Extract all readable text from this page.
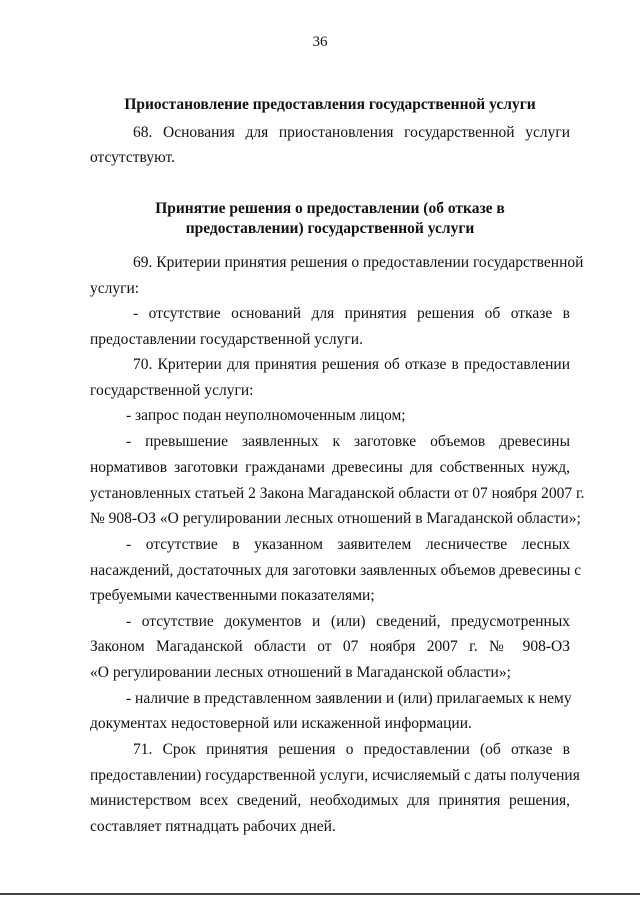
36
Приостановление предоставления государственной услуги
68. Основания для приостановления государственной услуги
отсутствуют.
Принятие решения о предоставлении (об отказе в
предоставлении) государственной услуги
69. Критерии принятия решения о предоставлении государственной
услуги:
- отсутствие оснований для принятия решения об отказе в
предоставлении государственной услуги.
70. Критерии для принятия решения об отказе в предоставлении
государственной услуги:
- запрос подан неуполномоченным лицом;
- превышение заявленных к заготовке объемов древесины
нормативов заготовки гражданами древесины для собственных нужд,
установленных статьей 2 Закона Магаданской области от 07 ноября 2007 г.
№ 908-ОЗ «О регулировании лесных отношений в Магаданской области»;
- отсутствие в указанном заявителем лесничестве лесных
насаждений, достаточных для заготовки заявленных объемов древесины с
требуемыми качественными показателями;
- отсутствие документов и (или) сведений, предусмотренных
Законом Магаданской области от 07 ноября 2007 г. № 908-ОЗ
«О регулировании лесных отношений в Магаданской области»;
- наличие в представленном заявлении и (или) прилагаемых к нему
документах недостоверной или искаженной информации.
71. Срок принятия решения о предоставлении (об отказе в
предоставлении) государственной услуги, исчисляемый с даты получения
министерством всех сведений, необходимых для принятия решения,
составляет пятнадцать рабочих дней.
